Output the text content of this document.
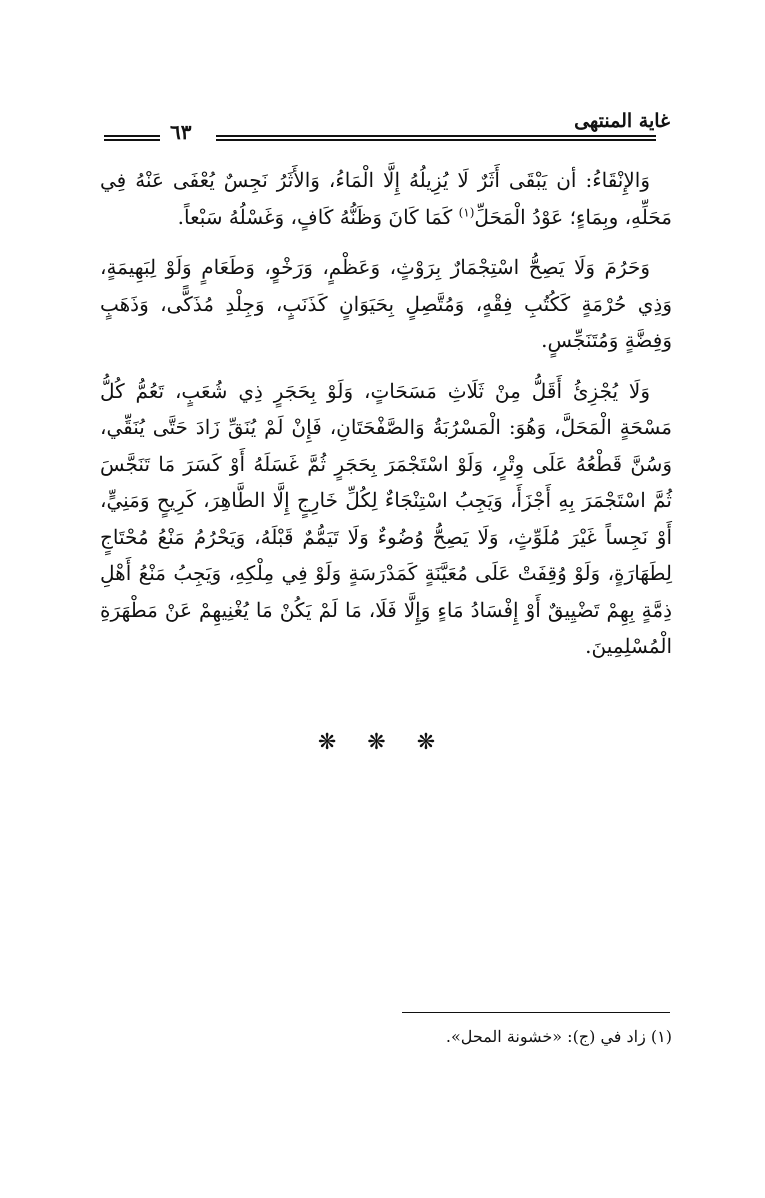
غاية المنتهى
٦٣

وَالإِنْقَاءُ: أن يَبْقَى أَثَرٌ لَا يُزِيلُهُ إِلَّا الْمَاءُ، وَالأَثَرُ نَجِسٌ يُعْفَى عَنْهُ فِي مَحَلِّهِ، وبِمَاءٍ؛ عَوْدُ الْمَحَلِّ$^{(١)}$ كَمَا كَانَ وَظَنُّهُ كَافٍ، وَغَسْلُهُ سَبْعاً.

وَحَرُمَ وَلَا يَصِحُّ اسْتِجْمَارٌ بِرَوْثٍ، وَعَظْمٍ، وَرَخْوٍ، وَطَعَامٍ وَلَوْ لِبَهِيمَةٍ، وَذِي حُرْمَةٍ كَكُتُبِ فِقْهٍ، وَمُتَّصِلٍ بِحَيَوَانٍ كَذَنَبٍ، وَجِلْدِ مُذَكًّى، وَذَهَبٍ وَفِضَّةٍ وَمُتَنَجِّسٍ.

وَلَا يُجْزِئُ أَقَلُّ مِنْ ثَلَاثِ مَسَحَاتٍ، وَلَوْ بِحَجَرٍ ذِي شُعَبٍ، تَعُمُّ كُلُّ مَسْحَةٍ الْمَحَلَّ، وَهُوَ: الْمَسْرُبَةُ وَالصَّفْحَتَانِ، فَإِنْ لَمْ يُنَقِّ زَادَ حَتَّى يُنَقِّي، وَسُنَّ قَطْعُهُ عَلَى وِتْرٍ، وَلَوْ اسْتَجْمَرَ بِحَجَرٍ ثُمَّ غَسَلَهُ أَوْ كَسَرَ مَا تَنَجَّسَ ثُمَّ اسْتَجْمَرَ بِهِ أَجْزَأَ، وَيَجِبُ اسْتِنْجَاءٌ لِكُلِّ خَارِجٍ إِلَّا الطَّاهِرَ، كَرِيحٍ وَمَنِيٍّ، أَوْ نَجِساً غَيْرَ مُلَوِّثٍ، وَلَا يَصِحُّ وُضُوءٌ وَلَا تَيَمُّمٌ قَبْلَهُ، وَيَحْرُمُ مَنْعُ مُحْتَاجٍ لِطَهَارَةٍ، وَلَوْ وُقِفَتْ عَلَى مُعَيَّنَةٍ كَمَدْرَسَةٍ وَلَوْ فِي مِلْكِهِ، وَيَجِبُ مَنْعُ أَهْلِ ذِمَّةٍ بِهِمْ تَضْيِيقٌ أَوْ إِفْسَادُ مَاءٍ وَإِلَّا فَلَا، مَا لَمْ يَكُنْ مَا يُغْنِيهِمْ عَنْ مَطْهَرَةِ الْمُسْلِمِينَ.

❋ ❋ ❋
(١) زاد في (ج): «خشونة المحل».
